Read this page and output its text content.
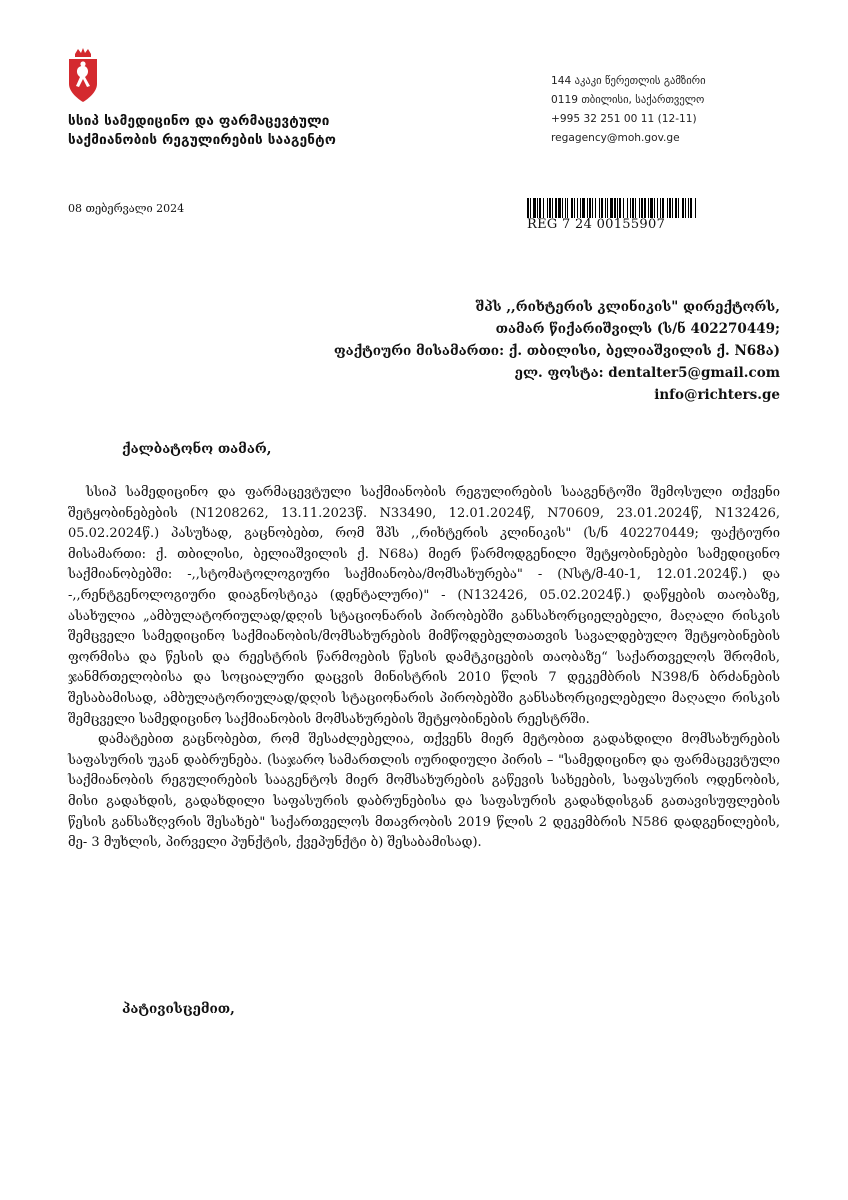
სსიპ სამედიცინო და ფარმაცევტული
საქმიანობის რეგულირების სააგენტო
144 აკაკი წერეთლის გამზირი
0119 თბილისი, საქართველო
+995 32 251 00 11 (12-11)
regagency@moh.gov.ge
08 თებერვალი 2024
REG 7 24 00155907
შპს ,,რიხტერის კლინიკის" დირექტორს,
თამარ წიქარიშვილს (ს/ნ 402270449;
ფაქტიური მისამართი: ქ. თბილისი, ბელიაშვილის ქ. N68ა)
ელ. ფოსტა: dentalter5@gmail.com
info@richters.ge
ქალბატონო თამარ,

სსიპ სამედიცინო და ფარმაცევტული საქმიანობის რეგულირების სააგენტოში შემოსული თქვენი შეტყობინებების (N1208262, 13.11.2023წ. N33490, 12.01.2024წ, N70609, 23.01.2024წ, N132426, 05.02.2024წ.) პასუხად, გაცნობებთ, რომ შპს ,,რიხტერის კლინიკის" (ს/ნ 402270449; ფაქტიური მისამართი: ქ. თბილისი, ბელიაშვილის ქ. N68ა) მიერ წარმოდგენილი შეტყობინებები სამედიცინო საქმიანობებში: -,,სტომატოლოგიური საქმიანობა/მომსახურება" - (Nსტ/მ-40-1, 12.01.2024წ.) და -,,რენტგენოლოგიური დიაგნოსტიკა (დენტალური)" - (N132426, 05.02.2024წ.) დაწყების თაობაზე, ასახულია „ამბულატორიულად/დღის სტაციონარის პირობებში განსახორციელებელი, მაღალი რისკის შემცველი სამედიცინო საქმიანობის/მომსახურების მიმწოდებელთათვის სავალდებულო შეტყობინების ფორმისა და წესის და რეესტრის წარმოების წესის დამტკიცების თაობაზე“ საქართველოს შრომის, ჯანმრთელობისა და სოციალური დაცვის მინისტრის 2010 წლის 7 დეკემბრის N398/ნ ბრძანების შესაბამისად, ამბულატორიულად/დღის სტაციონარის პირობებში განსახორციელებელი მაღალი რისკის შემცველი სამედიცინო საქმიანობის მომსახურების შეტყობინების რეესტრში.

დამატებით გაცნობებთ, რომ შესაძლებელია, თქვენს მიერ მეტობით გადახდილი მომსახურების საფასურის უკან დაბრუნება. (საჯარო სამართლის იურიდიული პირის – "სამედიცინო და ფარმაცევტული საქმიანობის რეგულირების სააგენტოს მიერ მომსახურების გაწევის სახეების, საფასურის ოდენობის, მისი გადახდის, გადახდილი საფასურის დაბრუნებისა და საფასურის გადახდისგან გათავისუფლების წესის განსაზღვრის შესახებ" საქართველოს მთავრობის 2019 წლის 2 დეკემბრის N586 დადგენილების, მე- 3 მუხლის, პირველი პუნქტის, ქვეპუნქტი ბ) შესაბამისად).

პატივისცემით,
